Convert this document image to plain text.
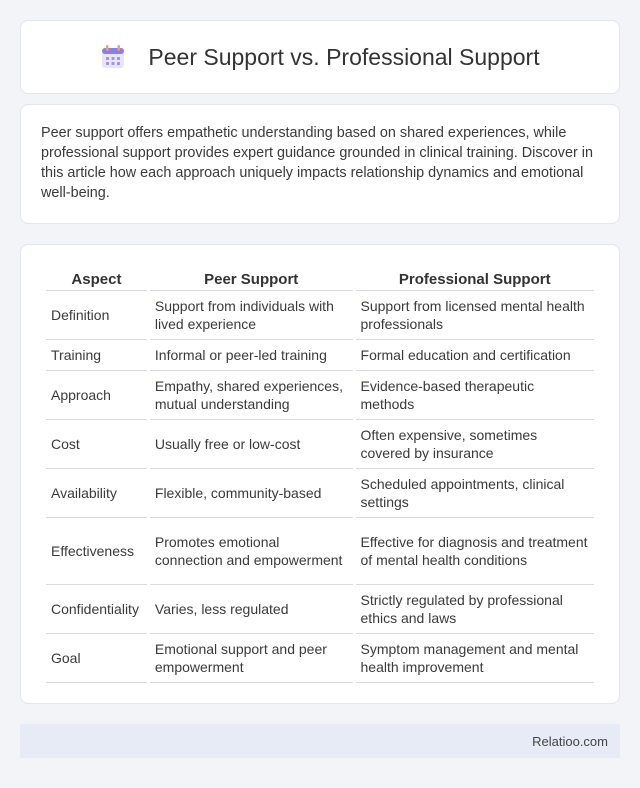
Peer Support vs. Professional Support

Peer support offers empathetic understanding based on shared experiences, while professional support provides expert guidance grounded in clinical training. Discover in this article how each approach uniquely impacts relationship dynamics and emotional well-being.

Aspect	Peer Support	Professional Support
Definition	Support from individuals with lived experience	Support from licensed mental health professionals
Training	Informal or peer-led training	Formal education and certification
Approach	Empathy, shared experiences, mutual understanding	Evidence-based therapeutic methods
Cost	Usually free or low-cost	Often expensive, sometimes covered by insurance
Availability	Flexible, community-based	Scheduled appointments, clinical settings
Effectiveness	Promotes emotional connection and empowerment	Effective for diagnosis and treatment of mental health conditions
Confidentiality	Varies, less regulated	Strictly regulated by professional ethics and laws
Goal	Emotional support and peer empowerment	Symptom management and mental health improvement
Relatioo.com
